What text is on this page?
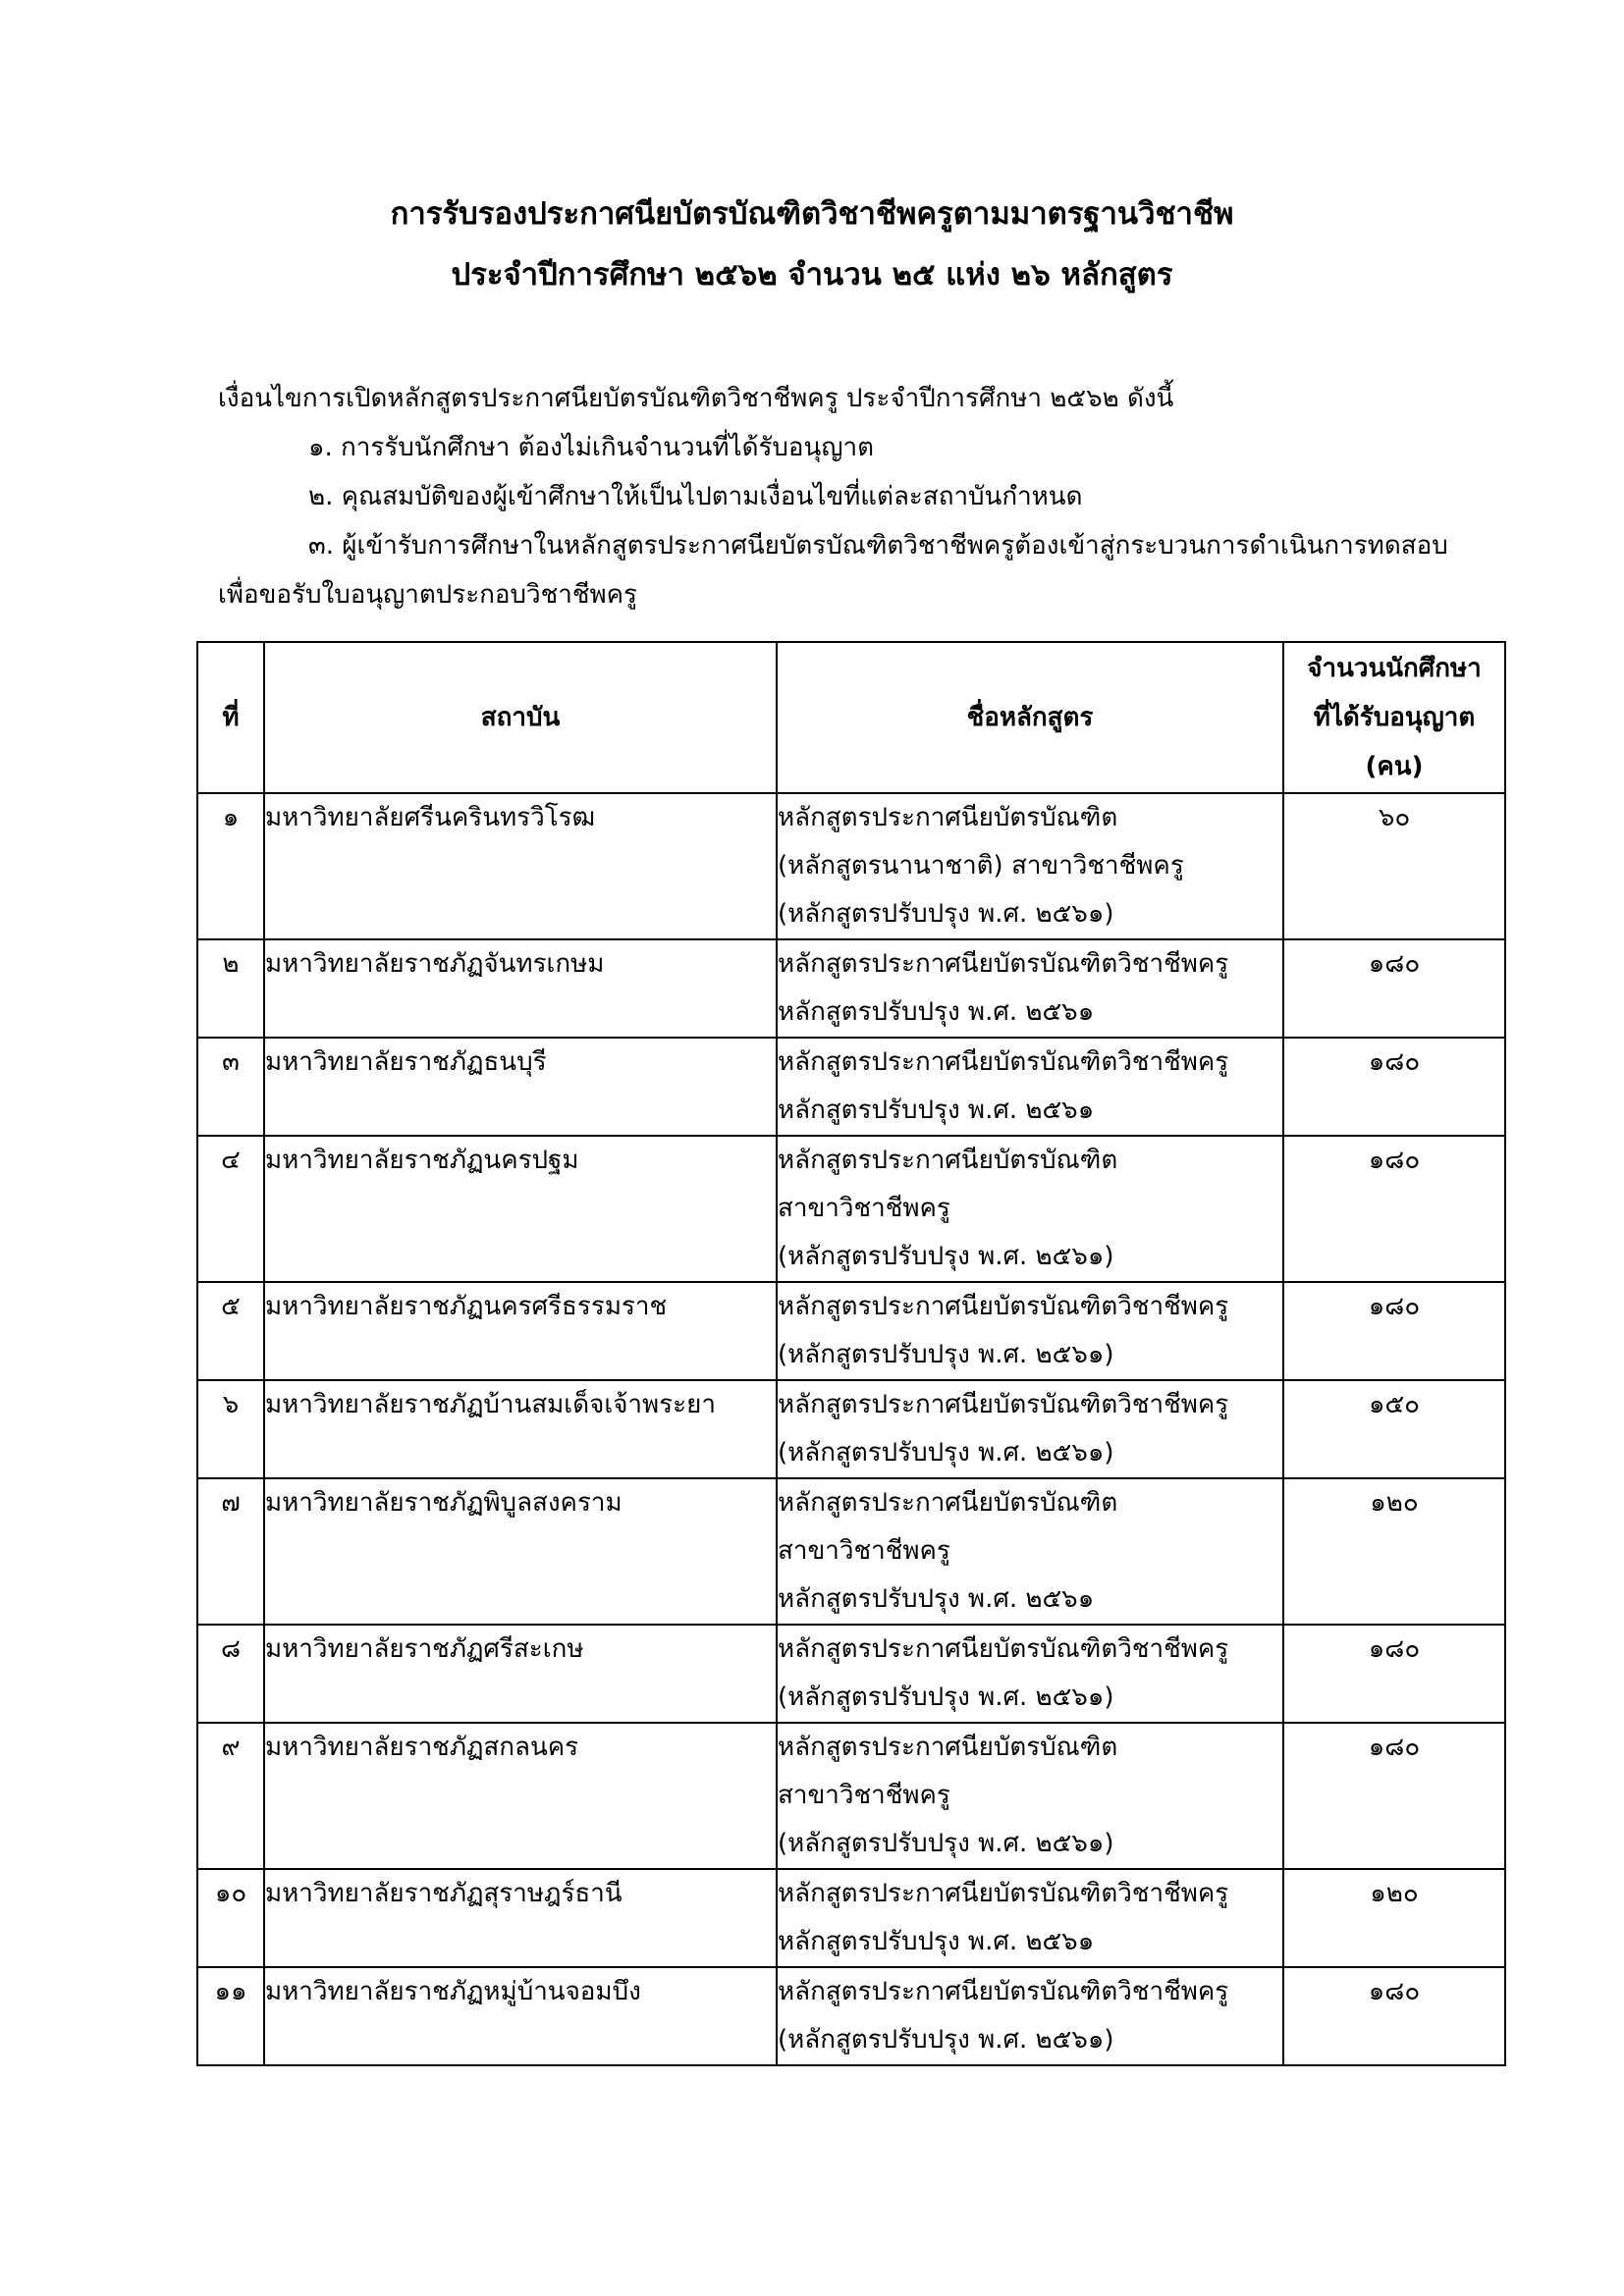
การรับรองประกาศนียบัตรบัณฑิตวิชาชีพครูตามมาตรฐานวิชาชีพ
ประจำปีการศึกษา ๒๕๖๒ จำนวน ๒๕ แห่ง ๒๖ หลักสูตร
เงื่อนไขการเปิดหลักสูตรประกาศนียบัตรบัณฑิตวิชาชีพครู ประจำปีการศึกษา ๒๕๖๒ ดังนี้
๑. การรับนักศึกษา ต้องไม่เกินจำนวนที่ได้รับอนุญาต
๒. คุณสมบัติของผู้เข้าศึกษาให้เป็นไปตามเงื่อนไขที่แต่ละสถาบันกำหนด
๓. ผู้เข้ารับการศึกษาในหลักสูตรประกาศนียบัตรบัณฑิตวิชาชีพครูต้องเข้าสู่กระบวนการดำเนินการทดสอบ
เพื่อขอรับใบอนุญาตประกอบวิชาชีพครู
ที่	สถาบัน	ชื่อหลักสูตร	จำนวนนักศึกษา
ที่ได้รับอนุญาต
(คน)

๑	มหาวิทยาลัยศรีนครินทรวิโรฒ	หลักสูตรประกาศนียบัตรบัณฑิต
(หลักสูตรนานาชาติ) สาขาวิชาชีพครู
(หลักสูตรปรับปรุง พ.ศ. ๒๕๖๑)	๖๐
๒	มหาวิทยาลัยราชภัฏจันทรเกษม	หลักสูตรประกาศนียบัตรบัณฑิตวิชาชีพครู
หลักสูตรปรับปรุง พ.ศ. ๒๕๖๑	๑๘๐
๓	มหาวิทยาลัยราชภัฏธนบุรี	หลักสูตรประกาศนียบัตรบัณฑิตวิชาชีพครู
หลักสูตรปรับปรุง พ.ศ. ๒๕๖๑	๑๘๐
๔	มหาวิทยาลัยราชภัฏนครปฐม	หลักสูตรประกาศนียบัตรบัณฑิต
สาขาวิชาชีพครู
(หลักสูตรปรับปรุง พ.ศ. ๒๕๖๑)	๑๘๐
๕	มหาวิทยาลัยราชภัฏนครศรีธรรมราช	หลักสูตรประกาศนียบัตรบัณฑิตวิชาชีพครู
(หลักสูตรปรับปรุง พ.ศ. ๒๕๖๑)	๑๘๐
๖	มหาวิทยาลัยราชภัฏบ้านสมเด็จเจ้าพระยา	หลักสูตรประกาศนียบัตรบัณฑิตวิชาชีพครู
(หลักสูตรปรับปรุง พ.ศ. ๒๕๖๑)	๑๕๐
๗	มหาวิทยาลัยราชภัฏพิบูลสงคราม	หลักสูตรประกาศนียบัตรบัณฑิต
สาขาวิชาชีพครู
หลักสูตรปรับปรุง พ.ศ. ๒๕๖๑	๑๒๐
๘	มหาวิทยาลัยราชภัฏศรีสะเกษ	หลักสูตรประกาศนียบัตรบัณฑิตวิชาชีพครู
(หลักสูตรปรับปรุง พ.ศ. ๒๕๖๑)	๑๘๐
๙	มหาวิทยาลัยราชภัฏสกลนคร	หลักสูตรประกาศนียบัตรบัณฑิต
สาขาวิชาชีพครู
(หลักสูตรปรับปรุง พ.ศ. ๒๕๖๑)	๑๘๐
๑๐	มหาวิทยาลัยราชภัฏสุราษฎร์ธานี	หลักสูตรประกาศนียบัตรบัณฑิตวิชาชีพครู
หลักสูตรปรับปรุง พ.ศ. ๒๕๖๑	๑๒๐
๑๑	มหาวิทยาลัยราชภัฏหมู่บ้านจอมบึง	หลักสูตรประกาศนียบัตรบัณฑิตวิชาชีพครู
(หลักสูตรปรับปรุง พ.ศ. ๒๕๖๑)	๑๘๐
